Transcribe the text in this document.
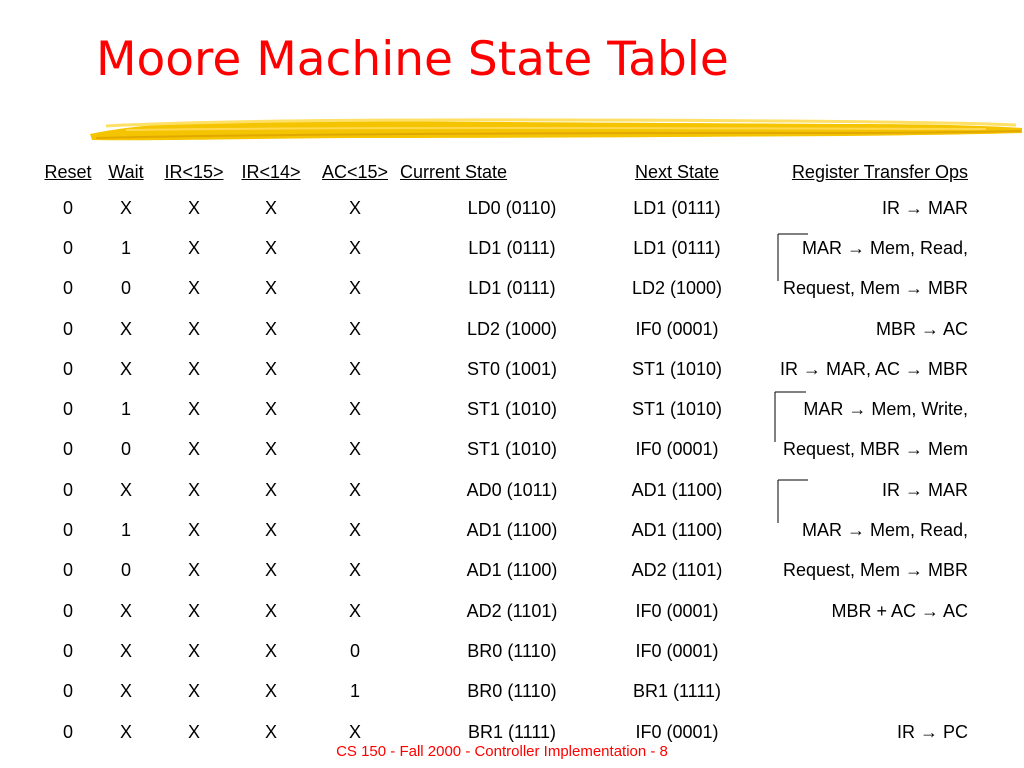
Moore Machine State Table
Reset	Wait	IR<15>	IR<14>	AC<15>	Current State	Next State	Register Transfer Ops
0	X	X	X	X	LD0 (0110)	LD1 (0111)	IR → MAR
0	1	X	X	X	LD1 (0111)	LD1 (0111)	MAR → Mem, Read,
0	0	X	X	X	LD1 (0111)	LD2 (1000)	Request, Mem → MBR
0	X	X	X	X	LD2 (1000)	IF0 (0001)	MBR → AC
0	X	X	X	X	ST0 (1001)	ST1 (1010)	IR → MAR, AC → MBR
0	1	X	X	X	ST1 (1010)	ST1 (1010)	MAR → Mem, Write,
0	0	X	X	X	ST1 (1010)	IF0 (0001)	Request, MBR → Mem
0	X	X	X	X	AD0 (1011)	AD1 (1100)	IR → MAR
0	1	X	X	X	AD1 (1100)	AD1 (1100)	MAR → Mem, Read,
0	0	X	X	X	AD1 (1100)	AD2 (1101)	Request, Mem → MBR
0	X	X	X	X	AD2 (1101)	IF0 (0001)	MBR + AC → AC
0	X	X	X	0	BR0 (1110)	IF0 (0001)	
0	X	X	X	1	BR0 (1110)	BR1 (1111)	
0	X	X	X	X	BR1 (1111)	IF0 (0001)	IR → PC
CS 150 - Fall 2000 - Controller Implementation - 8
